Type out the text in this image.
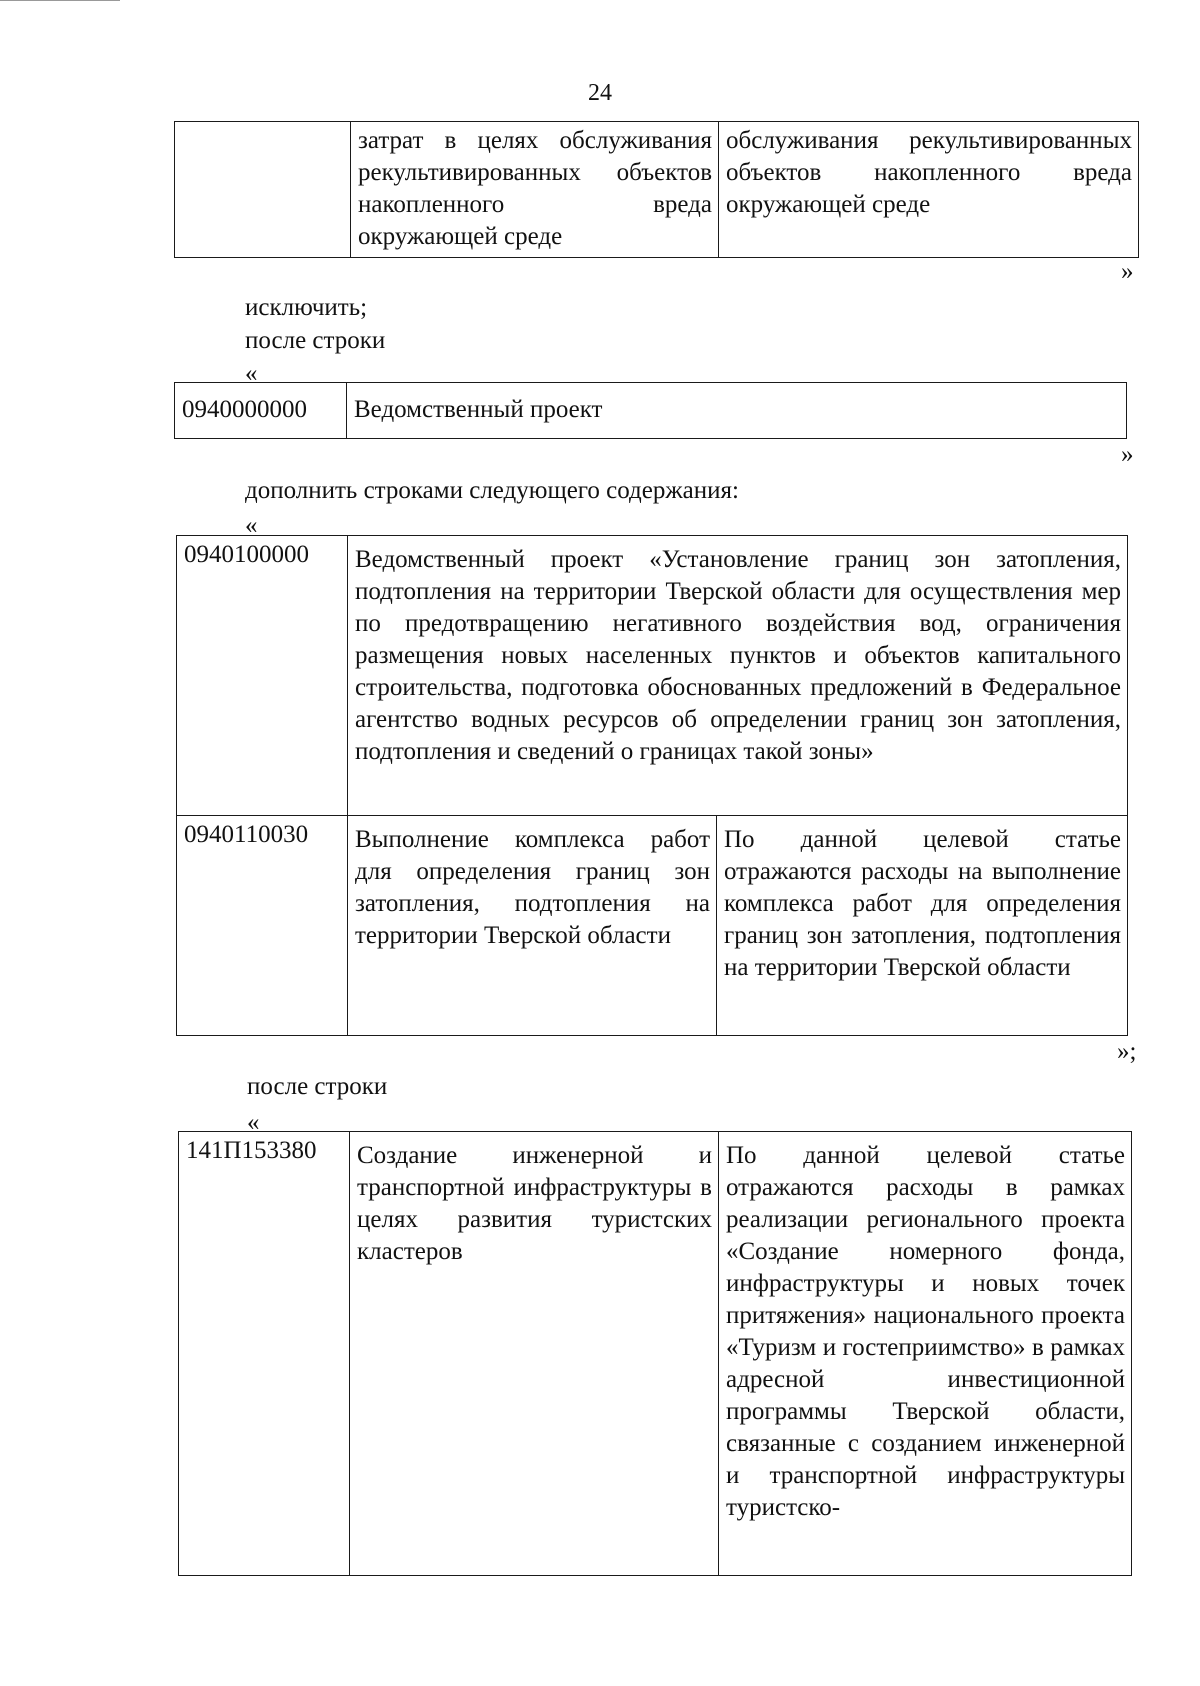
24
	затрат в целях обслуживания рекультивированных объектов накопленного вреда окружающей среде	обслуживания рекультивированных объектов накопленного вреда окружающей среде
»
исключить;
после строки
«
0940000000	Ведомственный проект
»
дополнить строками следующего содержания:
«
0940100000	Ведомственный проект «Установление границ зон затопления, подтопления на территории Тверской области для осуществления мер по предотвращению негативного воздействия вод, ограничения размещения новых населенных пунктов и объектов капитального строительства, подготовка обоснованных предложений в Федеральное агентство водных ресурсов об определении границ зон затопления, подтопления и сведений о границах такой зоны»	
0940110030	Выполнение комплекса работ для определения границ зон затопления, подтопления на территории Тверской области	По данной целевой статье отражаются расходы на выполнение комплекса работ для определения границ зон затопления, подтопления на территории Тверской области
»;
после строки
«
141П153380	Создание инженерной и транспортной инфраструктуры в целях развития туристских кластеров	По данной целевой статье отражаются расходы в рамках реализации регионального проекта «Создание номерного фонда, инфраструктуры и новых точек притяжения» национального проекта «Туризм и гостеприимство» в рамках адресной инвестиционной программы Тверской области, связанные с созданием инженерной и транспортной инфраструктуры туристско-
